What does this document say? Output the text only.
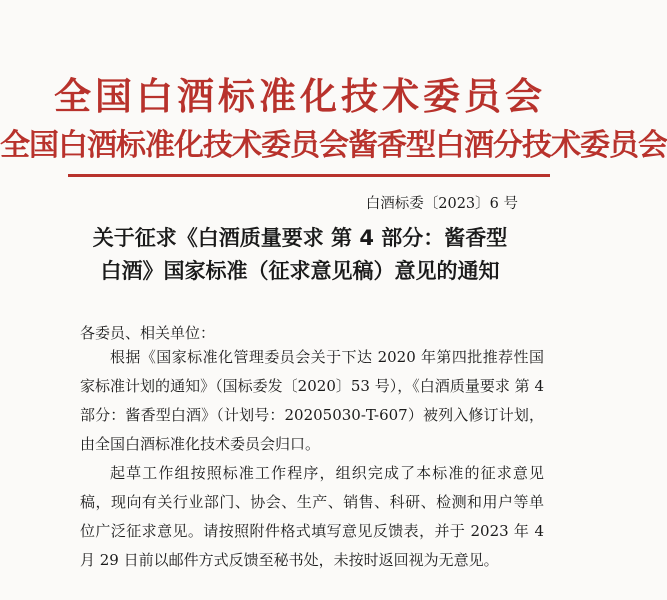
全国白酒标准化技术委员会
全国白酒标准化技术委员会酱香型白酒分技术委员会
白酒标委〔2023〕6 号
关于征求《白酒质量要求 第 4 部分：酱香型
白酒》国家标准（征求意见稿）意见的通知
各委员、相关单位：
根据《国家标准化管理委员会关于下达 2020 年第四批推荐性国家标准计划的通知》（国标委发〔2020〕53 号），《白酒质量要求 第 4 部分：酱香型白酒》（计划号：20205030-T-607）被列入修订计划，由全国白酒标准化技术委员会归口。
起草工作组按照标准工作程序，组织完成了本标准的征求意见稿，现向有关行业部门、协会、生产、销售、科研、检测和用户等单位广泛征求意见。请按照附件格式填写意见反馈表，并于 2023 年 4 月 29 日前以邮件方式反馈至秘书处，未按时返回视为无意见。
